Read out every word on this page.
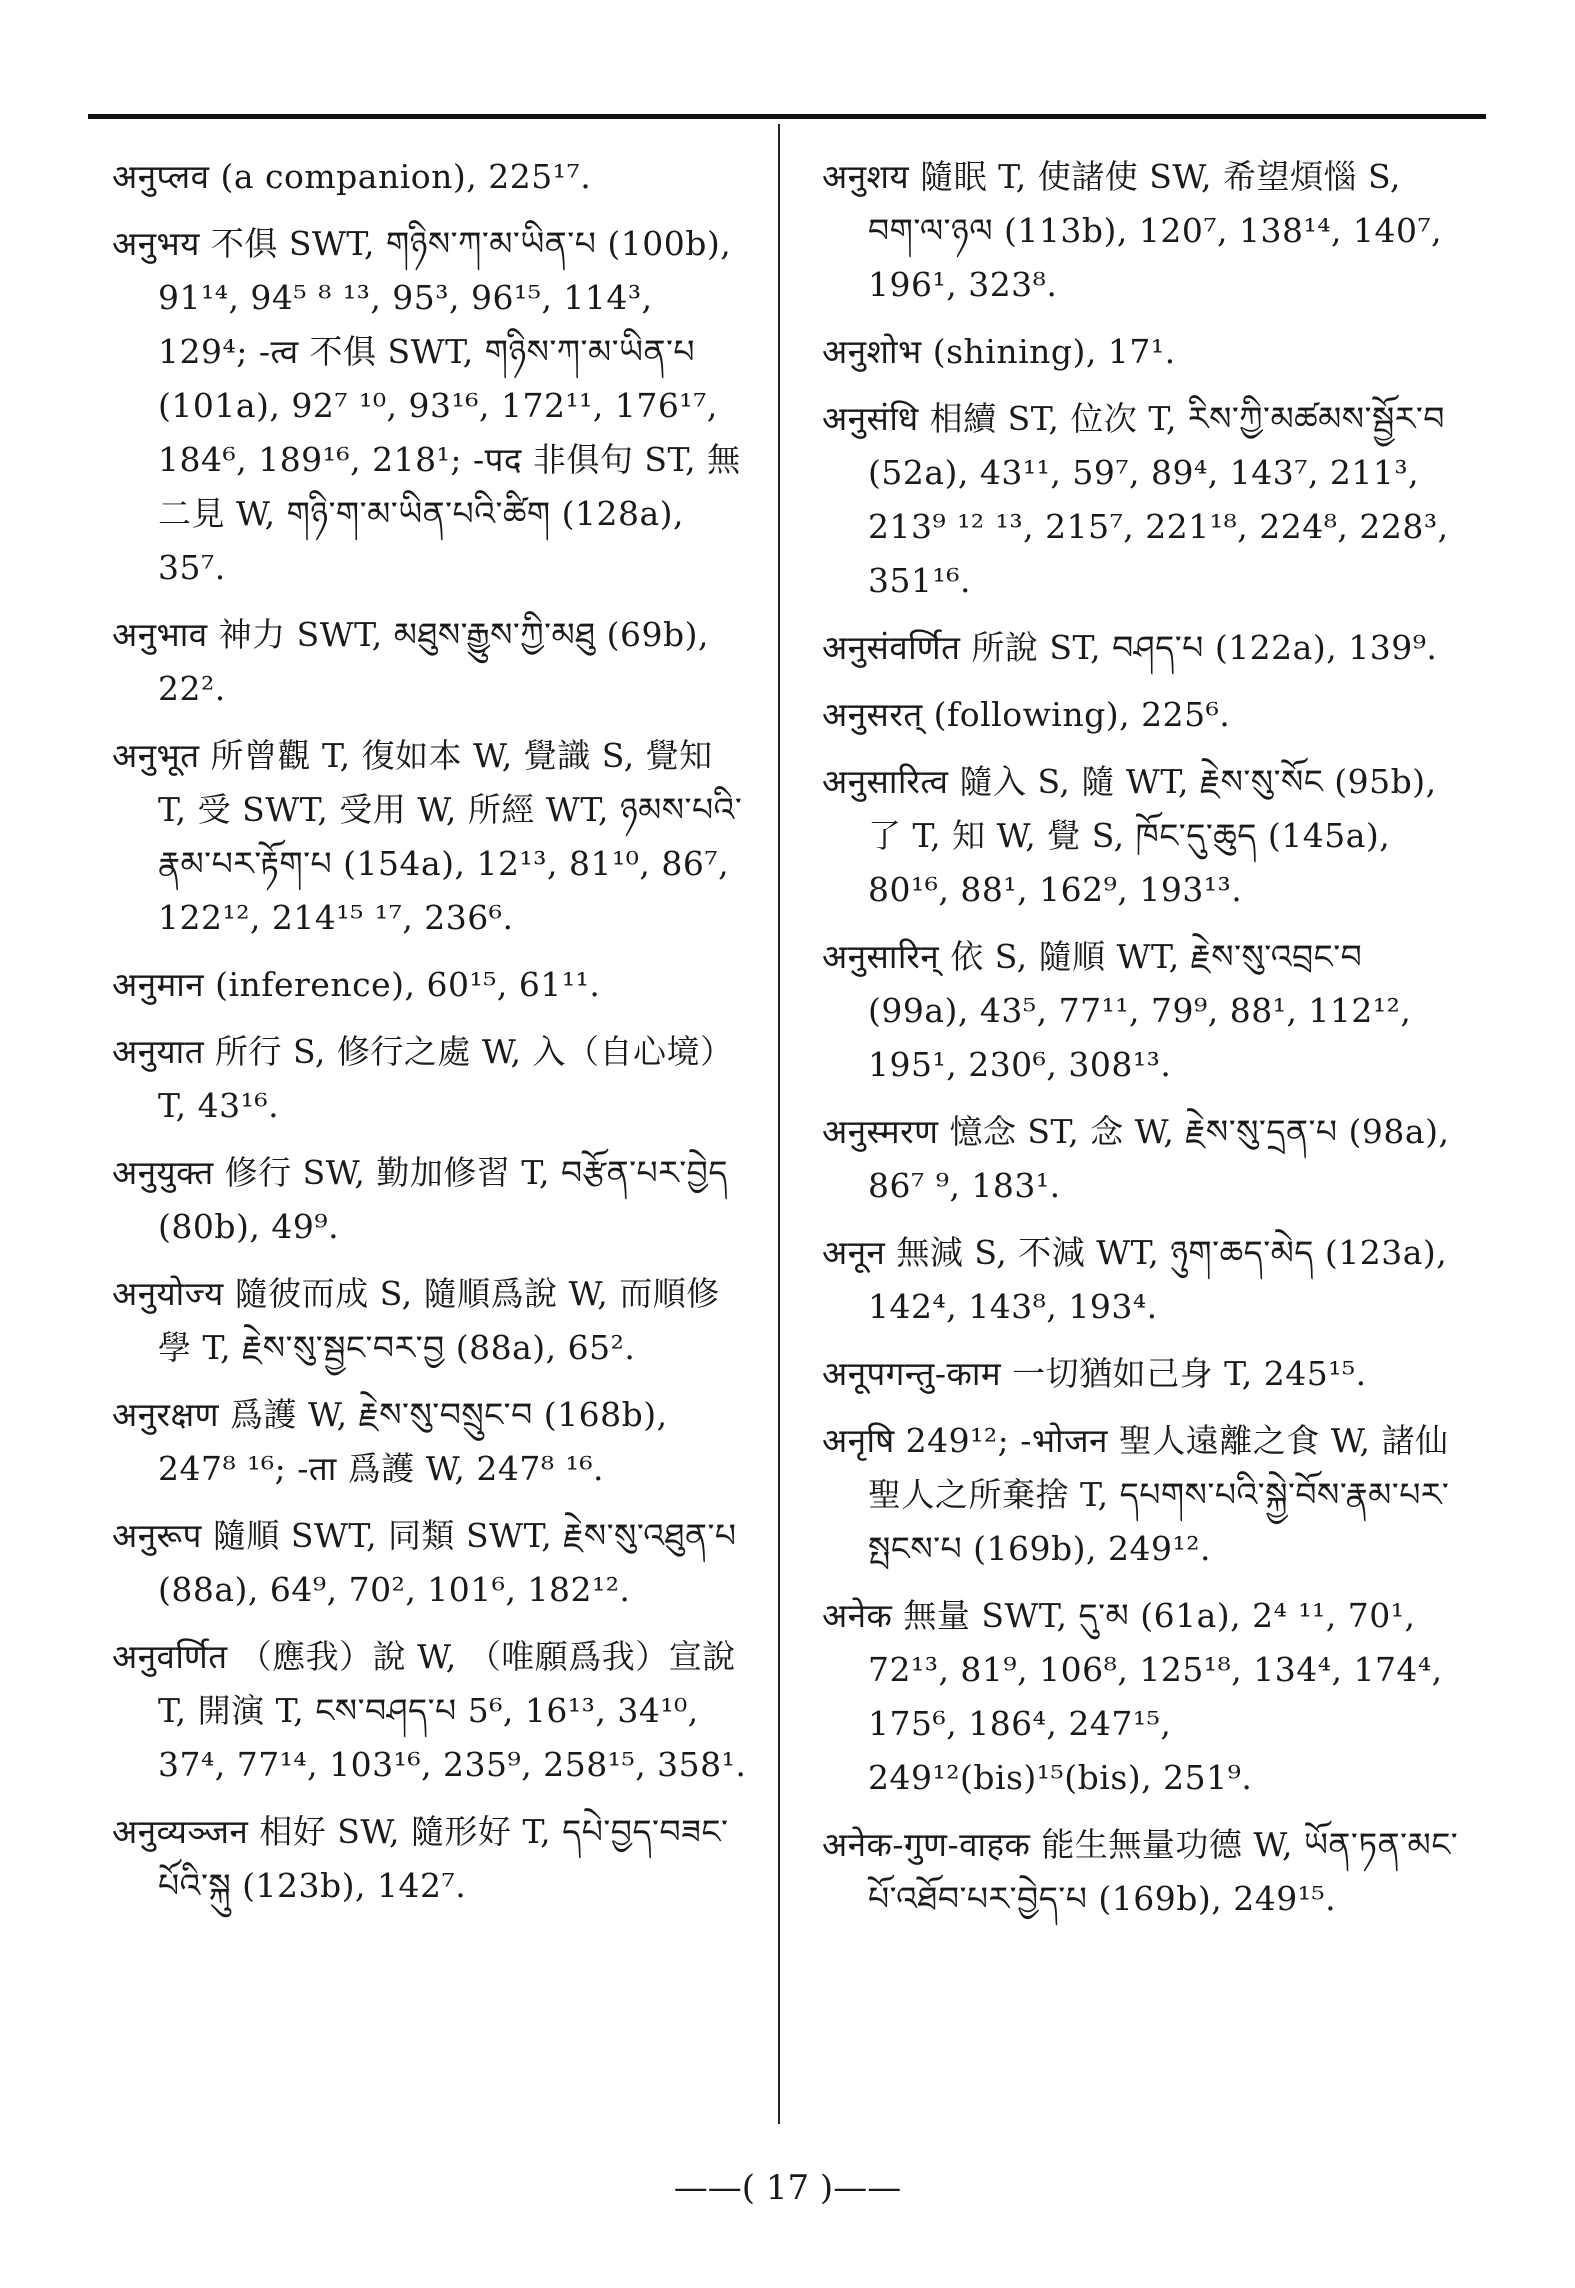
अनुप्लव (a companion), 225¹⁷.

अनुभय 不俱 SWT, གཉིས་ཀ་མ་ཡིན་པ (100b), 91¹⁴, 94⁵ ⁸ ¹³, 95³, 96¹⁵, 114³, 129⁴; -त्व 不俱 SWT, གཉིས་ཀ་མ་ཡིན་པ (101a), 92⁷ ¹⁰, 93¹⁶, 172¹¹, 176¹⁷, 184⁶, 189¹⁶, 218¹; -पद 非俱句 ST, 無二見 W, གཉི་ག་མ་ཡིན་པའི་ཚིག (128a), 35⁷.

अनुभाव 神力 SWT, མཐུས་རྒྱུས་ཀྱི་མཐུ (69b), 22².

अनुभूत 所曾觀 T, 復如本 W, 覺識 S, 覺知 T, 受 SWT, 受用 W, 所經 WT, ཉམས་པའི་རྣམ་པར་རྟོག་པ (154a), 12¹³, 81¹⁰, 86⁷, 122¹², 214¹⁵ ¹⁷, 236⁶.

अनुमान (inference), 60¹⁵, 61¹¹.

अनुयात 所行 S, 修行之處 W, 入（自心境） T, 43¹⁶.

अनुयुक्त 修行 SW, 勤加修習 T, བརྩོན་པར་བྱེད (80b), 49⁹.

अनुयोज्य 隨彼而成 S, 隨順爲說 W, 而順修學 T, རྗེས་སུ་སྦྱང་བར་བྱ (88a), 65².

अनुरक्षण 爲護 W, རྗེས་སུ་བསྲུང་བ (168b), 247⁸ ¹⁶; -ता 爲護 W, 247⁸ ¹⁶.

अनुरूप 隨順 SWT, 同類 SWT, རྗེས་སུ་འཐུན་པ (88a), 64⁹, 70², 101⁶, 182¹².

अनुवर्णित （應我）說 W, （唯願爲我）宣說 T, 開演 T, ངས་བཤད་པ 5⁶, 16¹³, 34¹⁰, 37⁴, 77¹⁴, 103¹⁶, 235⁹, 258¹⁵, 358¹.

अनुव्यञ्जन 相好 SW, 隨形好 T, དཔེ་བྱད་བཟང་པོའི་སྐུ (123b), 142⁷.

अनुशय 隨眠 T, 使諸使 SW, 希望煩惱 S, བག་ལ་ཉལ (113b), 120⁷, 138¹⁴, 140⁷, 196¹, 323⁸.

अनुशोभ (shining), 17¹.

अनुसंधि 相續 ST, 位次 T, རིས་ཀྱི་མཚམས་སྦྱོར་བ (52a), 43¹¹, 59⁷, 89⁴, 143⁷, 211³, 213⁹ ¹² ¹³, 215⁷, 221¹⁸, 224⁸, 228³, 351¹⁶.

अनुसंवर्णित 所說 ST, བཤད་པ (122a), 139⁹.

अनुसरत् (following), 225⁶.

अनुसारित्व 隨入 S, 隨 WT, རྗེས་སུ་སོང (95b), 了 T, 知 W, 覺 S, ཁོང་དུ་ཆུད (145a), 80¹⁶, 88¹, 162⁹, 193¹³.

अनुसारिन् 依 S, 隨順 WT, རྗེས་སུ་འབྲང་བ (99a), 43⁵, 77¹¹, 79⁹, 88¹, 112¹², 195¹, 230⁶, 308¹³.

अनुस्मरण 憶念 ST, 念 W, རྗེས་སུ་དྲན་པ (98a), 86⁷ ⁹, 183¹.

अनून 無減 S, 不減 WT, ཉུག་ཆད་མེད (123a), 142⁴, 143⁸, 193⁴.

अनूपगन्तु-काम 一切猶如己身 T, 245¹⁵.

अनृषि 249¹²; -भोजन 聖人遠離之食 W, 諸仙聖人之所棄捨 T, དཔགས་པའི་སྐྱེ་བོས་རྣམ་པར་སྤངས་པ (169b), 249¹².

अनेक 無量 SWT, དུ་མ (61a), 2⁴ ¹¹, 70¹, 72¹³, 81⁹, 106⁸, 125¹⁸, 134⁴, 174⁴, 175⁶, 186⁴, 247¹⁵, 249¹²(bis)¹⁵(bis), 251⁹.

अनेक-गुण-वाहक 能生無量功德 W, ཡོན་ཏན་མང་པོ་འཐོབ་པར་བྱེད་པ (169b), 249¹⁵.

——( 17 )——
